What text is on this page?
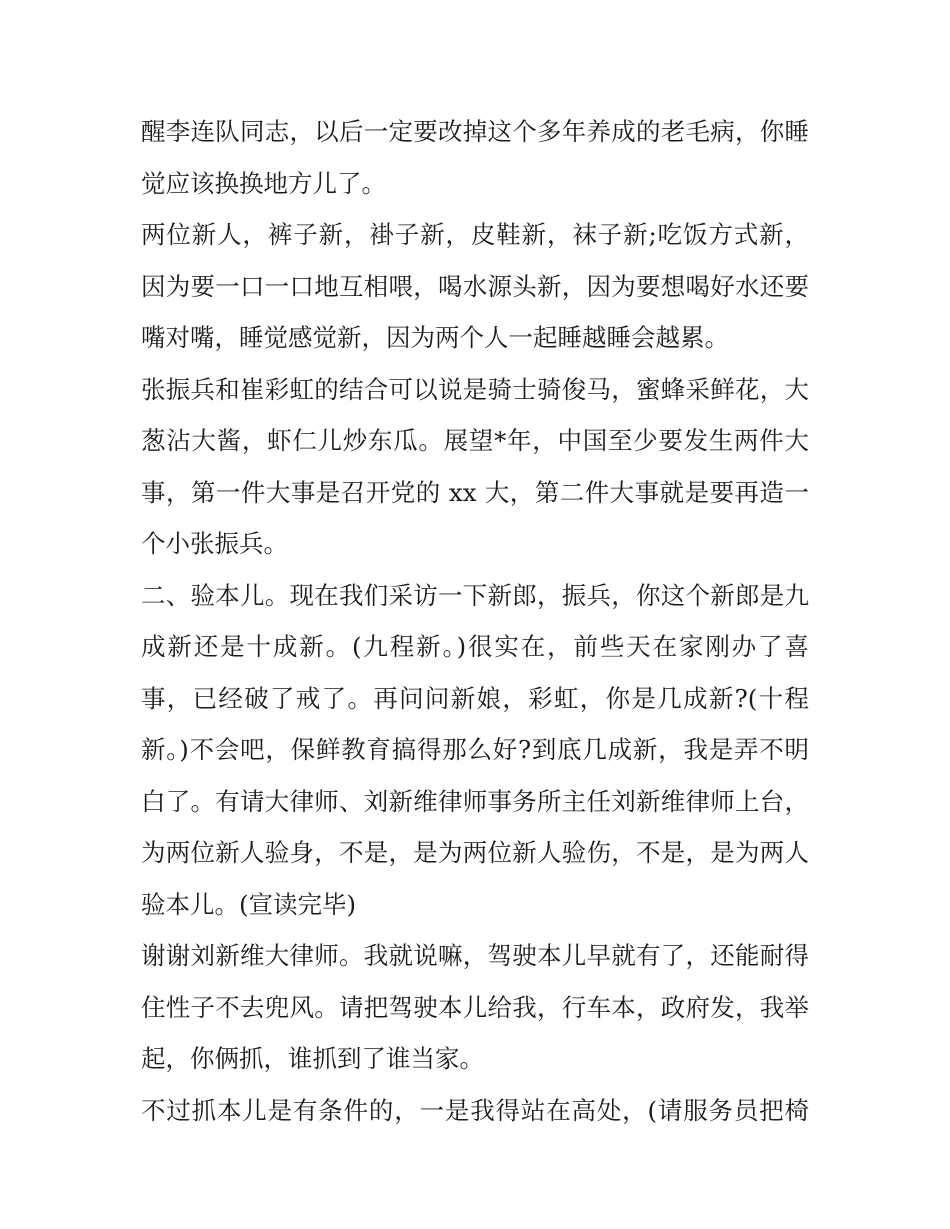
醒李连队同志，以后一定要改掉这个多年养成的老毛病，你睡
觉应该换换地方儿了。
两位新人，裤子新，褂子新，皮鞋新，袜子新;吃饭方式新，
因为要一口一口地互相喂，喝水源头新，因为要想喝好水还要
嘴对嘴，睡觉感觉新，因为两个人一起睡越睡会越累。
张振兵和崔彩虹的结合可以说是骑士骑俊马，蜜蜂采鲜花，大
葱沾大酱，虾仁儿炒东瓜。展望*年，中国至少要发生两件大
事，第一件大事是召开党的 xx 大，第二件大事就是要再造一
个小张振兵。
二、验本儿。现在我们采访一下新郎，振兵，你这个新郎是九
成新还是十成新。(九程新。)很实在，前些天在家刚办了喜
事，已经破了戒了。再问问新娘，彩虹，你是几成新?(十程
新。)不会吧，保鲜教育搞得那么好?到底几成新，我是弄不明
白了。有请大律师、刘新维律师事务所主任刘新维律师上台，
为两位新人验身，不是，是为两位新人验伤，不是，是为两人
验本儿。(宣读完毕)
谢谢刘新维大律师。我就说嘛，驾驶本儿早就有了，还能耐得
住性子不去兜风。请把驾驶本儿给我，行车本，政府发，我举
起，你俩抓，谁抓到了谁当家。
不过抓本儿是有条件的，一是我得站在高处，(请服务员把椅
